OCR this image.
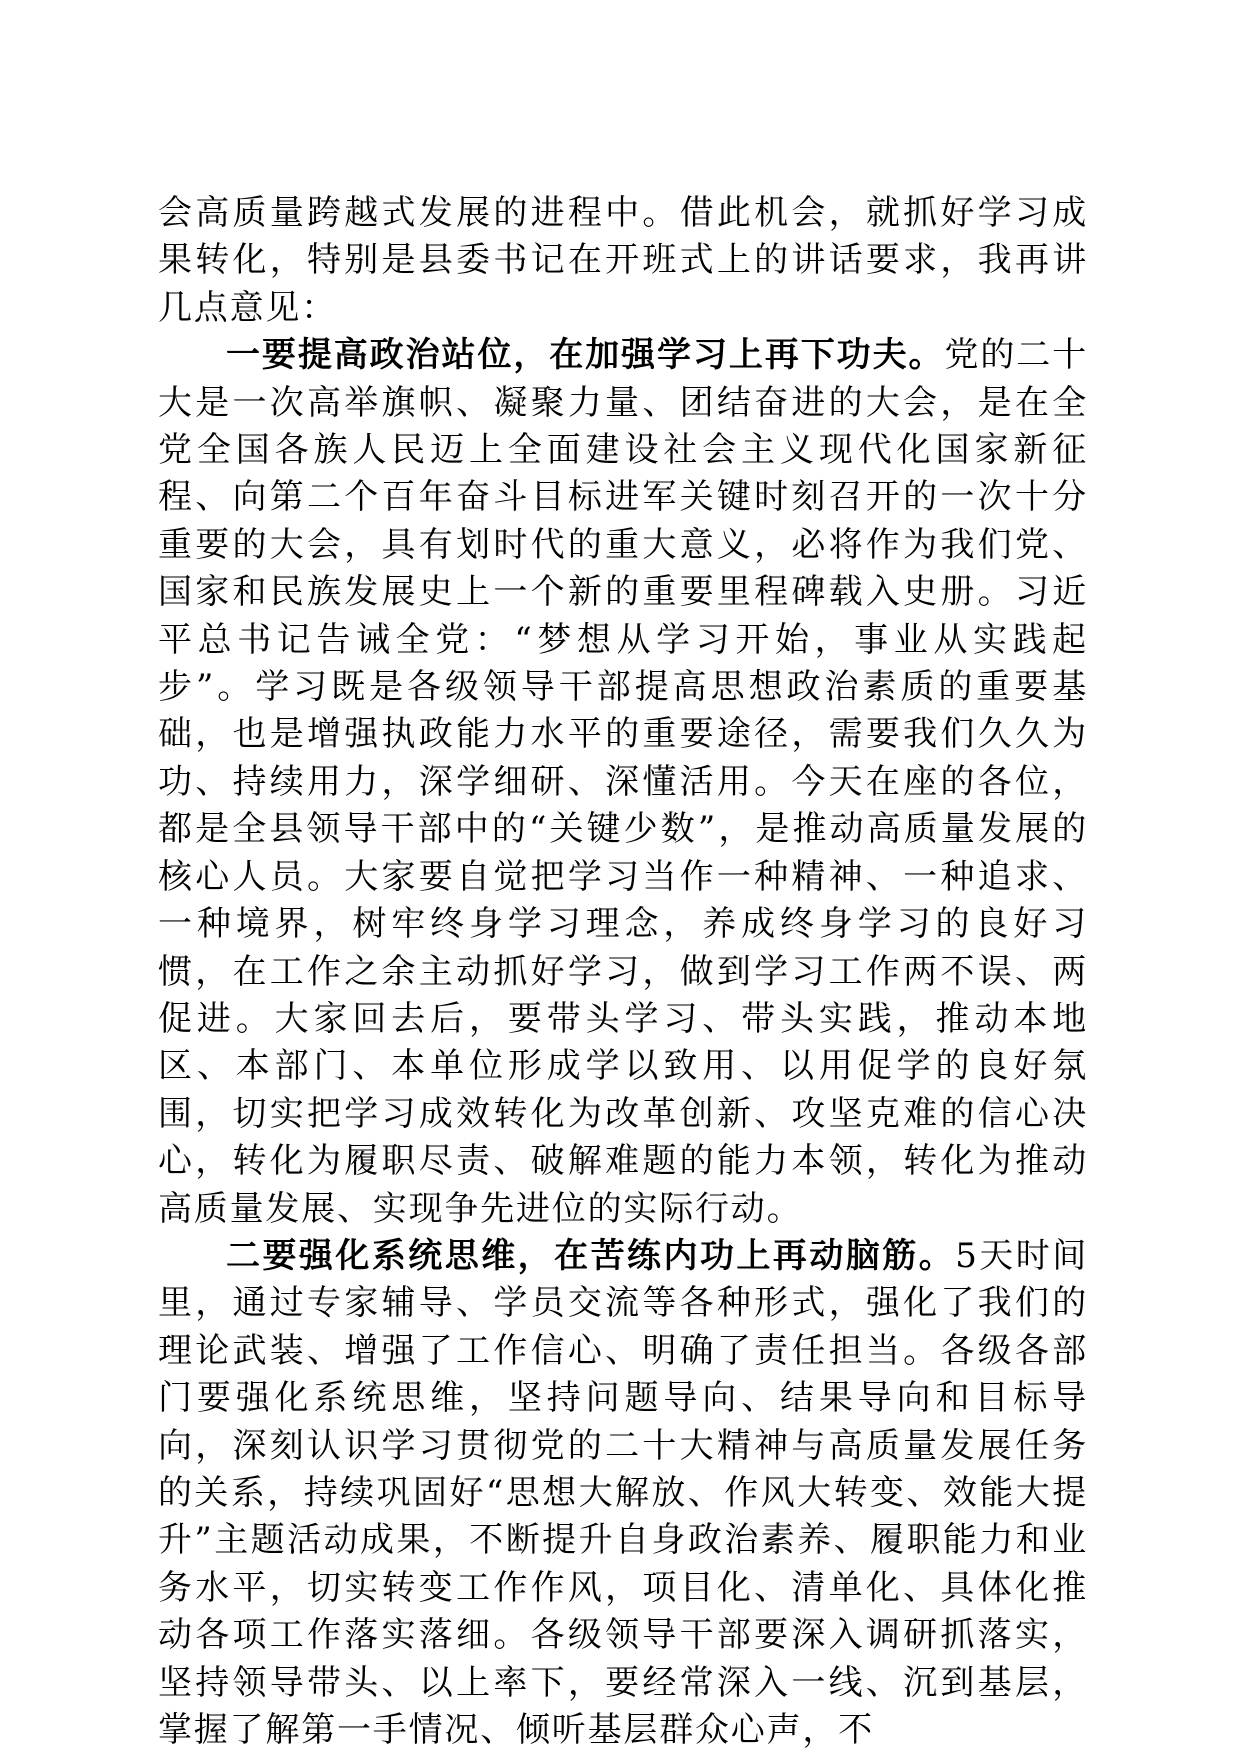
会高质量跨越式发展的进程中。借此机会，就抓好学习成果转化，特别是县委书记在开班式上的讲话要求，我再讲几点意见：

一要提高政治站位，在加强学习上再下功夫。党的二十大是一次高举旗帜、凝聚力量、团结奋进的大会，是在全党全国各族人民迈上全面建设社会主义现代化国家新征程、向第二个百年奋斗目标进军关键时刻召开的一次十分重要的大会，具有划时代的重大意义，必将作为我们党、国家和民族发展史上一个新的重要里程碑载入史册。习近平总书记告诫全党：“梦想从学习开始，事业从实践起步”。学习既是各级领导干部提高思想政治素质的重要基础，也是增强执政能力水平的重要途径，需要我们久久为功、持续用力，深学细研、深懂活用。今天在座的各位，都是全县领导干部中的“关键少数”，是推动高质量发展的核心人员。大家要自觉把学习当作一种精神、一种追求、一种境界，树牢终身学习理念，养成终身学习的良好习惯，在工作之余主动抓好学习，做到学习工作两不误、两促进。大家回去后，要带头学习、带头实践，推动本地区、本部门、本单位形成学以致用、以用促学的良好氛围，切实把学习成效转化为改革创新、攻坚克难的信心决心，转化为履职尽责、破解难题的能力本领，转化为推动高质量发展、实现争先进位的实际行动。

二要强化系统思维，在苦练内功上再动脑筋。5天时间里，通过专家辅导、学员交流等各种形式，强化了我们的理论武装、增强了工作信心、明确了责任担当。各级各部门要强化系统思维，坚持问题导向、结果导向和目标导向，深刻认识学习贯彻党的二十大精神与高质量发展任务的关系，持续巩固好“思想大解放、作风大转变、效能大提升”主题活动成果，不断提升自身政治素养、履职能力和业务水平，切实转变工作作风，项目化、清单化、具体化推动各项工作落实落细。各级领导干部要深入调研抓落实，坚持领导带头、以上率下，要经常深入一线、沉到基层，掌握了解第一手情况、倾听基层群众心声，不
